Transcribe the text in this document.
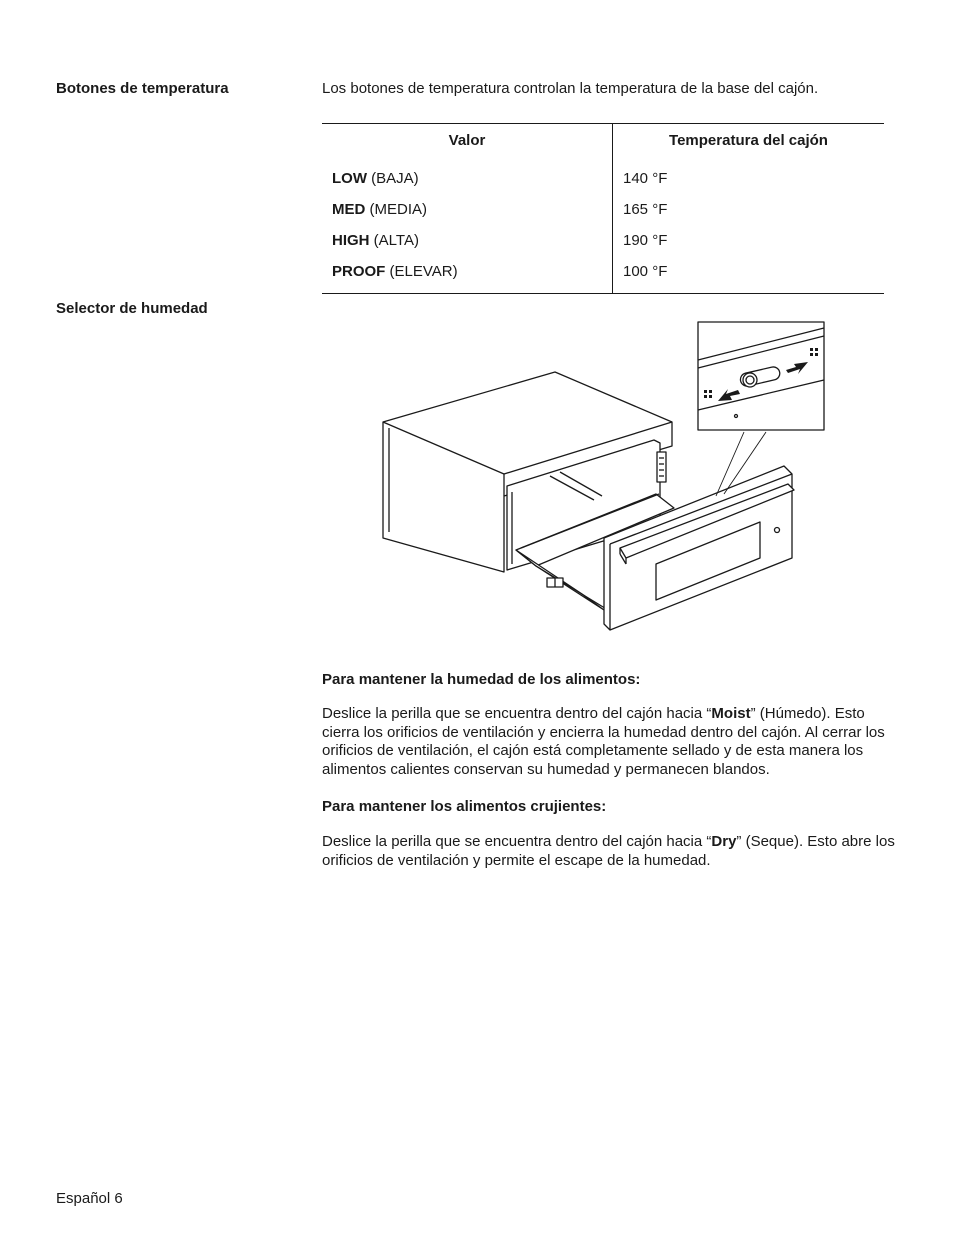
Botones de temperatura	Los botones de temperatura controlan la temperatura de la base del cajón.
Valor	Temperatura del cajón
LOW (BAJA)	140 °F
MED (MEDIA)	165 °F
HIGH (ALTA)	190 °F
PROOF (ELEVAR)	100 °F
Selector de humedad
Para mantener la humedad de los alimentos:
Deslice la perilla que se encuentra dentro del cajón hacia “Moist” (Húmedo). Esto cierra los orificios de ventilación y encierra la humedad dentro del cajón. Al cerrar los orificios de ventilación, el cajón está completamente sellado y de esta manera los alimentos calientes conservan su humedad y permanecen blandos.
Para mantener los alimentos crujientes:
Deslice la perilla que se encuentra dentro del cajón hacia “Dry” (Seque). Esto abre los orificios de ventilación y permite el escape de la humedad.
Español 6
